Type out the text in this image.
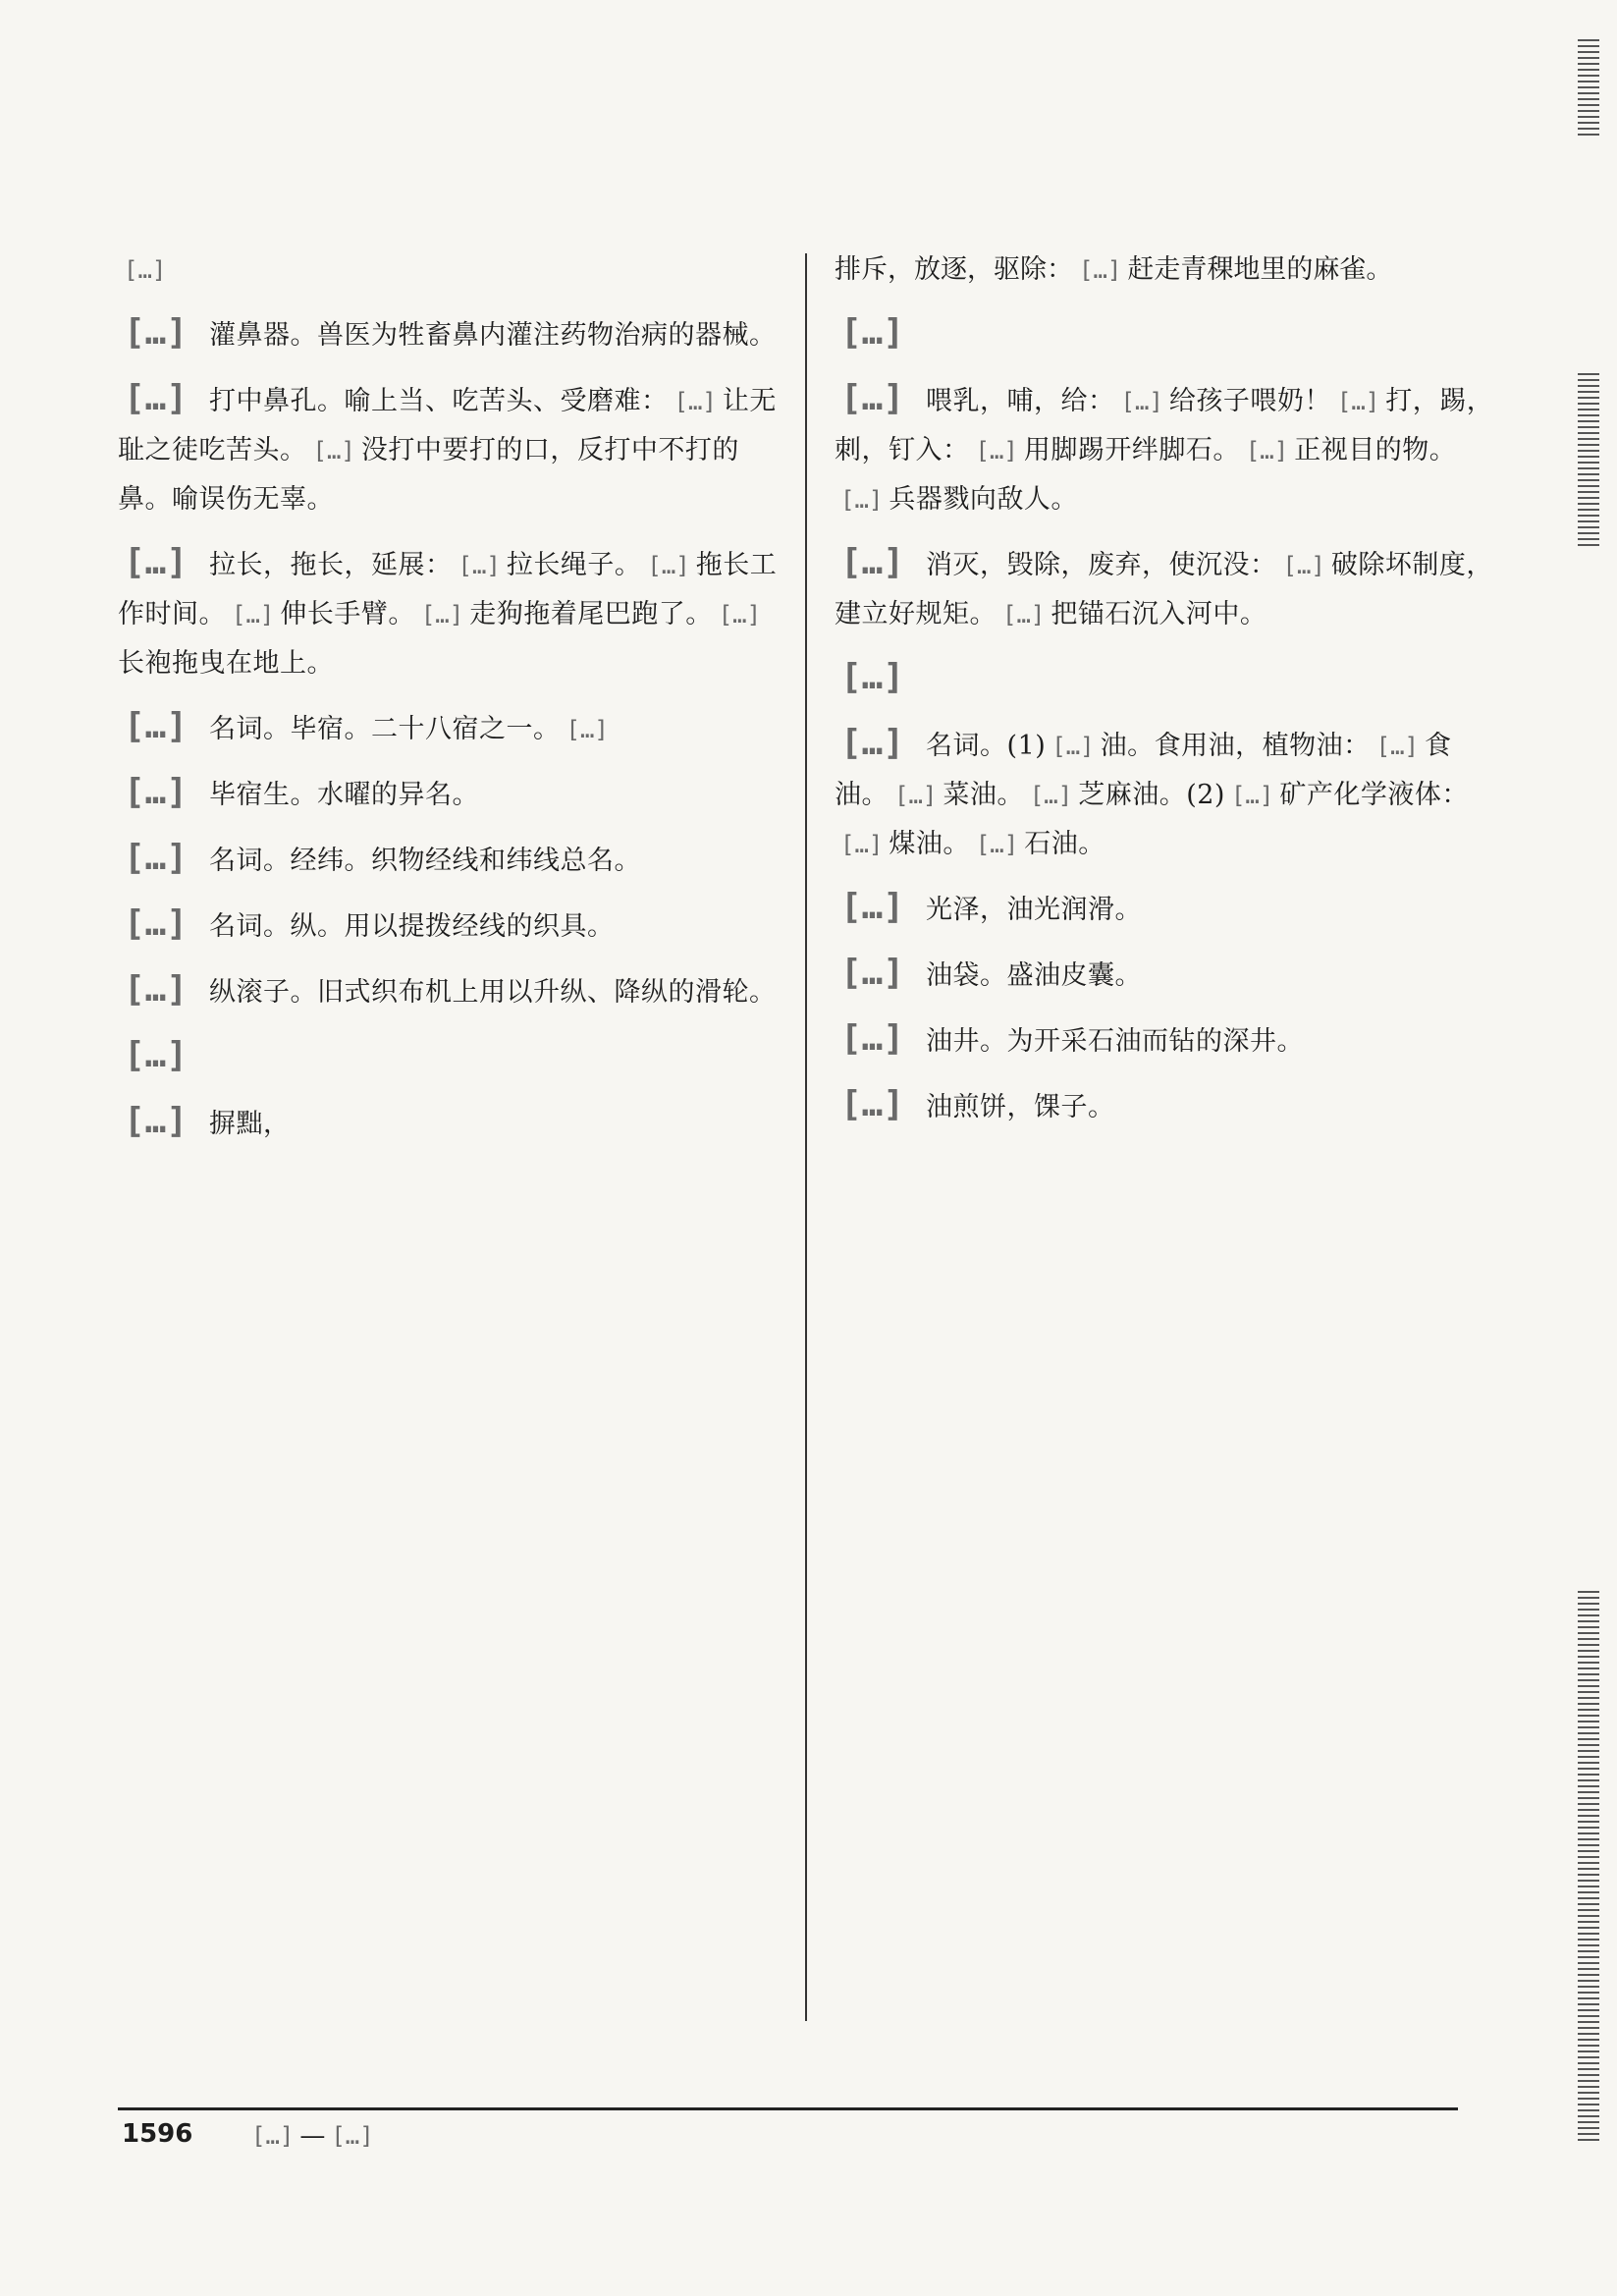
[…]
[…] 灌鼻器。兽医为牲畜鼻内灌注药物治病的器械。
[…] 打中鼻孔。喻上当、吃苦头、受磨难： […] 让无耻之徒吃苦头。 […] 没打中要打的口，反打中不打的鼻。喻误伤无辜。
[…] 拉长，拖长，延展： […] 拉长绳子。 […] 拖长工作时间。 […] 伸长手臂。 […] 走狗拖着尾巴跑了。 […]长袍拖曳在地上。
[…] 名词。毕宿。二十八宿之一。 […]
[…] 毕宿生。水曜的异名。
[…] 名词。经纬。织物经线和纬线总名。
[…] 名词。纵。用以提拨经线的织具。
[…] 纵滚子。旧式织布机上用以升纵、降纵的滑轮。
[…]
[…] 摒黜，
排斥，放逐，驱除： […] 赶走青稞地里的麻雀。
[…]
[…] 喂乳，哺，给： […] 给孩子喂奶！ […] 打，踢，刺，钉入： […] 用脚踢开绊脚石。 […] 正视目的物。[…] 兵器戮向敌人。
[…] 消灭，毁除，废弃，使沉没： […] 破除坏制度，建立好规矩。 […] 把锚石沉入河中。
[…]
[…] 名词。(1) […] 油。食用油，植物油： […] 食油。 […] 菜油。 […] 芝麻油。(2) […] 矿产化学液体：[…] 煤油。 […] 石油。
[…] 光泽，油光润滑。
[…] 油袋。盛油皮囊。
[…] 油井。为开采石油而钻的深井。
[…] 油煎饼，馃子。
1596 […] — […]
